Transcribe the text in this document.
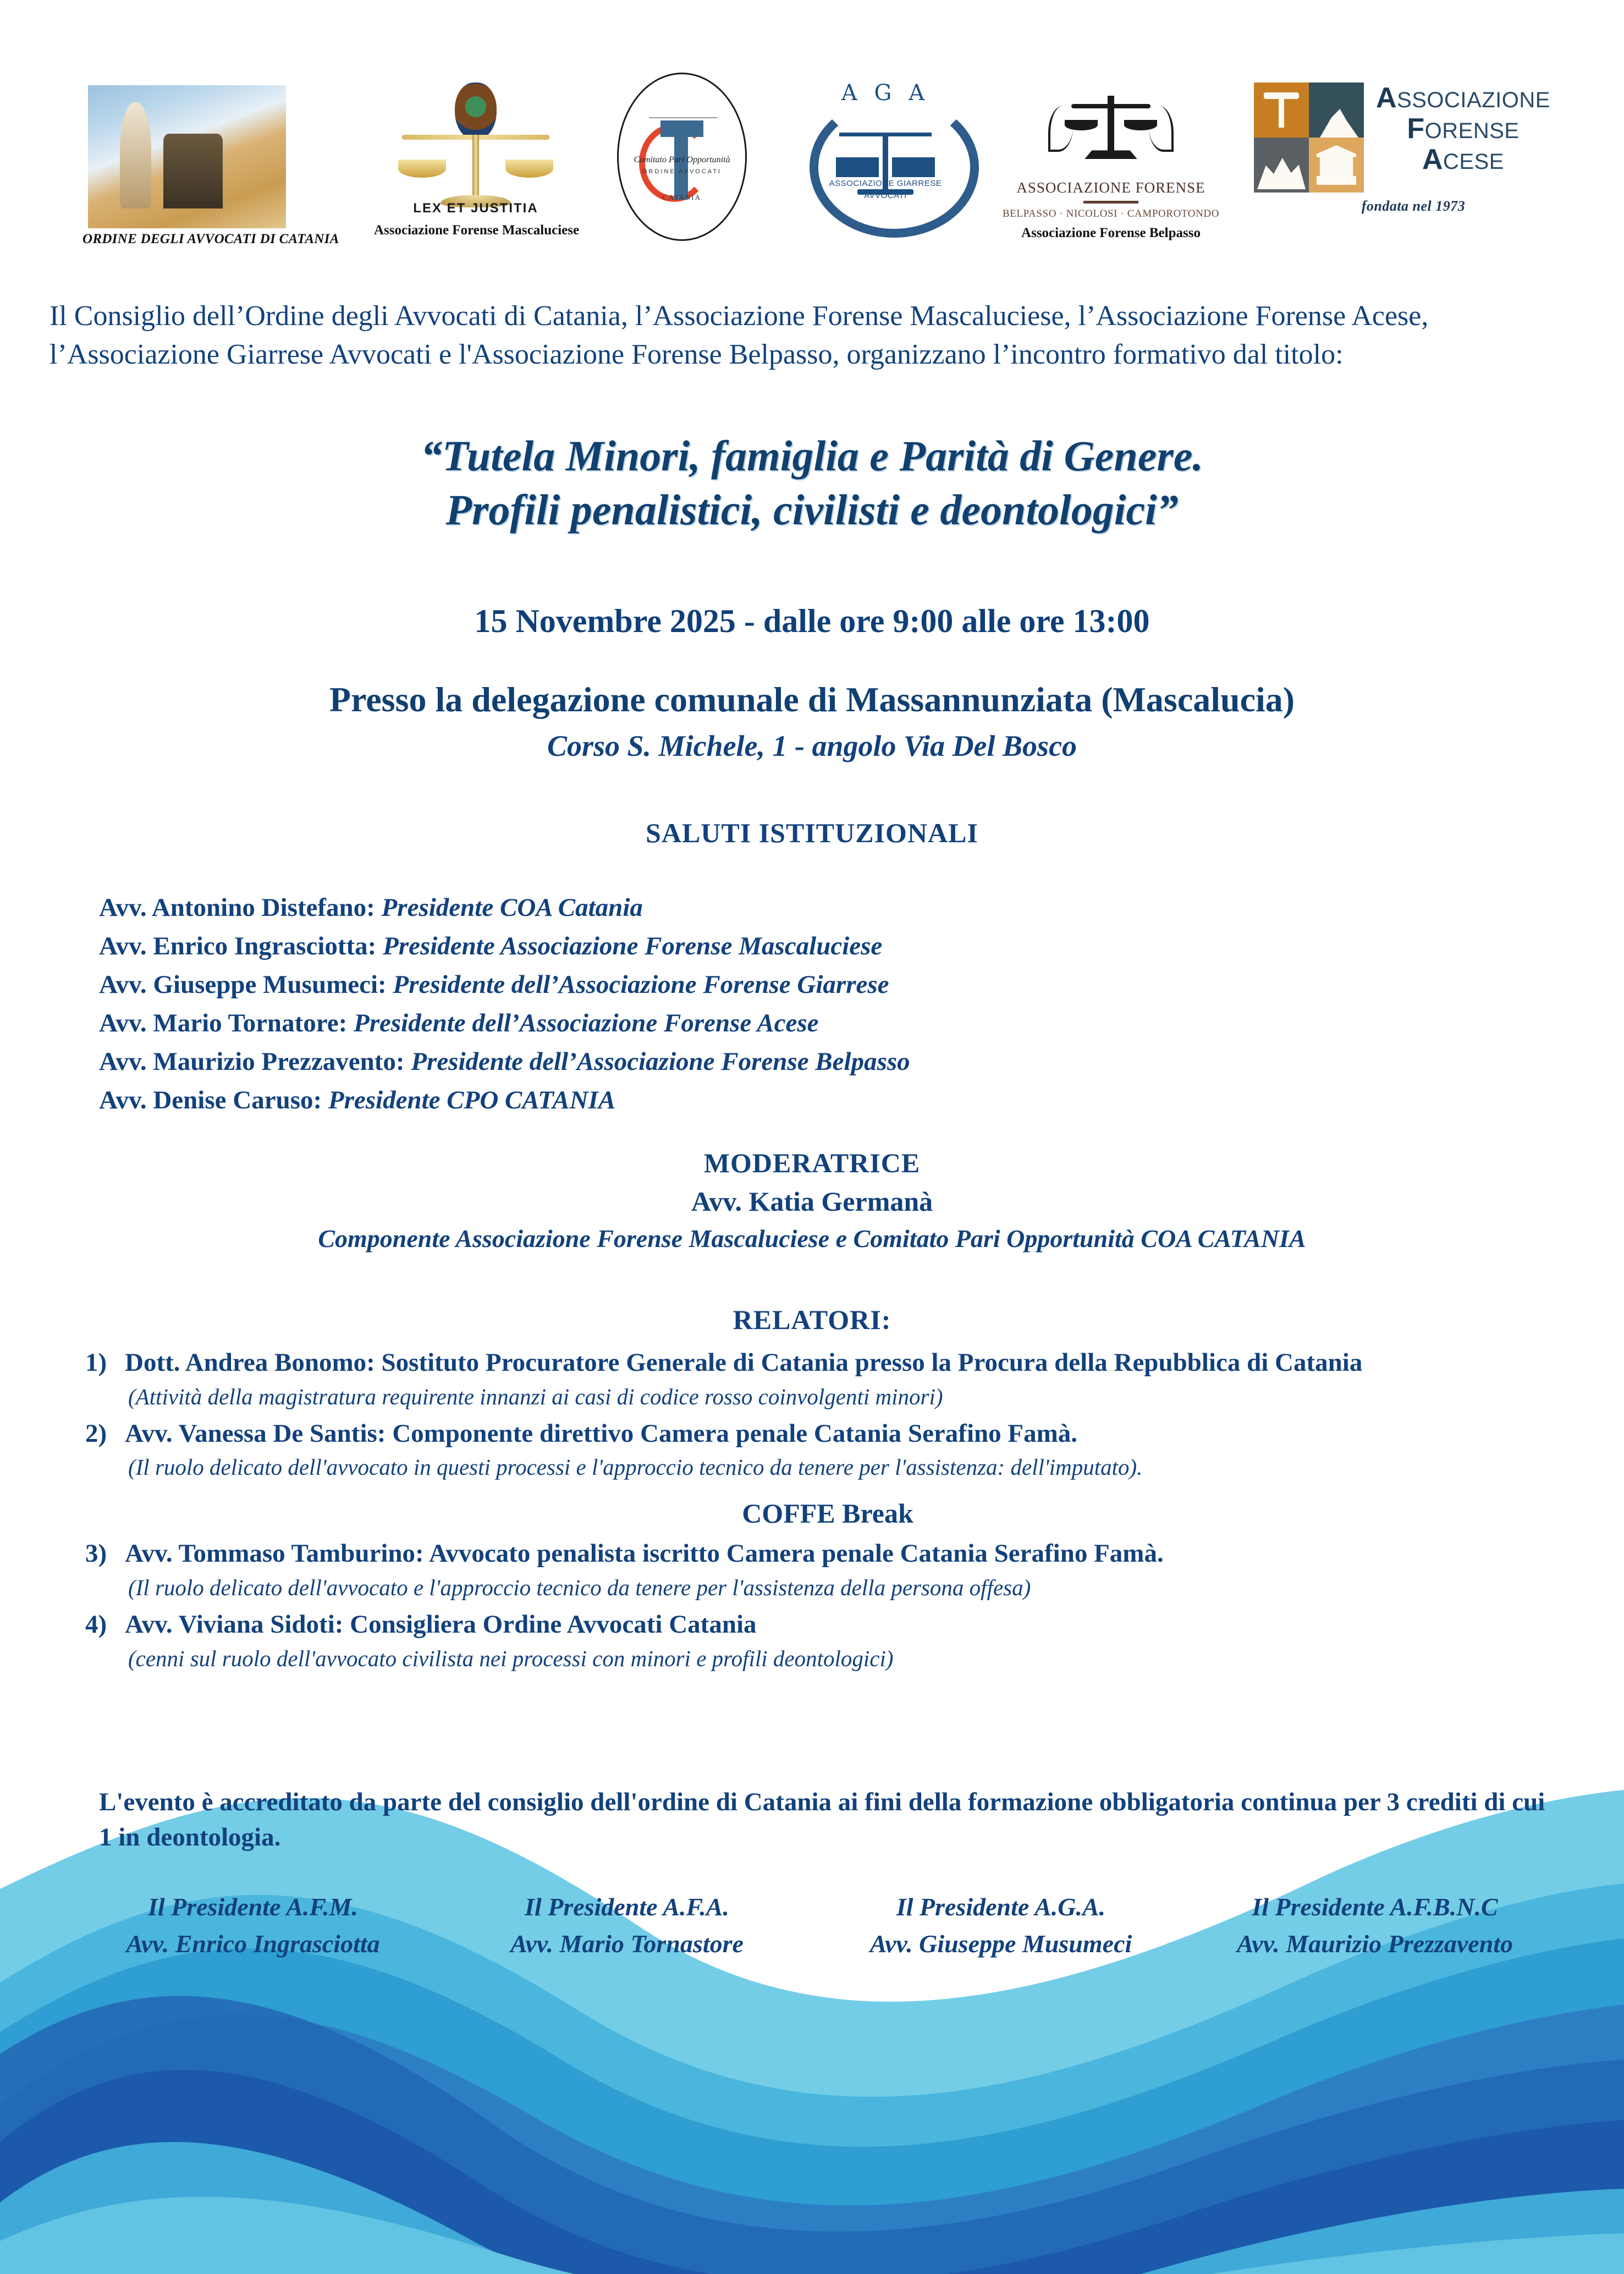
ORDINE DEGLI AVVOCATI DI CATANIA
LEX ET JUSTITIA
Associazione Forense Mascaluciese
Comitato Pari Opportunità
ORDINE AVVOCATI
CATANIA
A G A
ASSOCIAZIONE GIARRESE
AVVOCATI	ASSOCIAZIONE FORENSE
BELPASSO · NICOLOSI · CAMPOROTONDO
Associazione Forense Belpasso
ASSOCIAZIONE
FORENSE
ACESE
fondata nel 1973
Il Consiglio dell’Ordine degli Avvocati di Catania, l’Associazione Forense Mascaluciese, l’Associazione Forense Acese, l’Associazione Giarrese Avvocati e l'Associazione Forense Belpasso, organizzano l’incontro formativo dal titolo:
“Tutela Minori, famiglia e Parità di Genere.
Profili penalistici, civilisti e deontologici”
15 Novembre 2025 - dalle ore 9:00 alle ore 13:00
Presso la delegazione comunale di Massannunziata (Mascalucia)
Corso S. Michele, 1 - angolo Via Del Bosco
SALUTI ISTITUZIONALI
Avv. Antonino Distefano: Presidente COA Catania
Avv. Enrico Ingrasciotta: Presidente Associazione Forense Mascaluciese
Avv. Giuseppe Musumeci: Presidente dell’Associazione Forense Giarrese
Avv. Mario Tornatore: Presidente dell’Associazione Forense Acese
Avv. Maurizio Prezzavento: Presidente dell’Associazione Forense Belpasso
Avv. Denise Caruso: Presidente CPO CATANIA
MODERATRICE
Avv. Katia Germanà
Componente Associazione Forense Mascaluciese e Comitato Pari Opportunità COA CATANIA
RELATORI:
1) Dott. Andrea Bonomo: Sostituto Procuratore Generale di Catania presso la Procura della Repubblica di Catania
(Attività della magistratura requirente innanzi ai casi di codice rosso coinvolgenti minori)
2) Avv. Vanessa De Santis: Componente direttivo Camera penale Catania Serafino Famà.
(Il ruolo delicato dell'avvocato in questi processi e l'approccio tecnico da tenere per l'assistenza: dell'imputato).
COFFE Break
3) Avv. Tommaso Tamburino: Avvocato penalista iscritto Camera penale Catania Serafino Famà.
(Il ruolo delicato dell'avvocato e l'approccio tecnico da tenere per l'assistenza della persona offesa)
4) Avv. Viviana Sidoti: Consigliera Ordine Avvocati Catania
(cenni sul ruolo dell'avvocato civilista nei processi con minori e profili deontologici)
L'evento è accreditato da parte del consiglio dell'ordine di Catania ai fini della formazione obbligatoria continua per 3 crediti di cui 1 in deontologia.
Il Presidente A.F.M.
Avv. Enrico Ingrasciotta
Il Presidente A.F.A.
Avv. Mario Tornastore
Il Presidente A.G.A.
Avv. Giuseppe Musumeci
Il Presidente A.F.B.N.C
Avv. Maurizio Prezzavento
